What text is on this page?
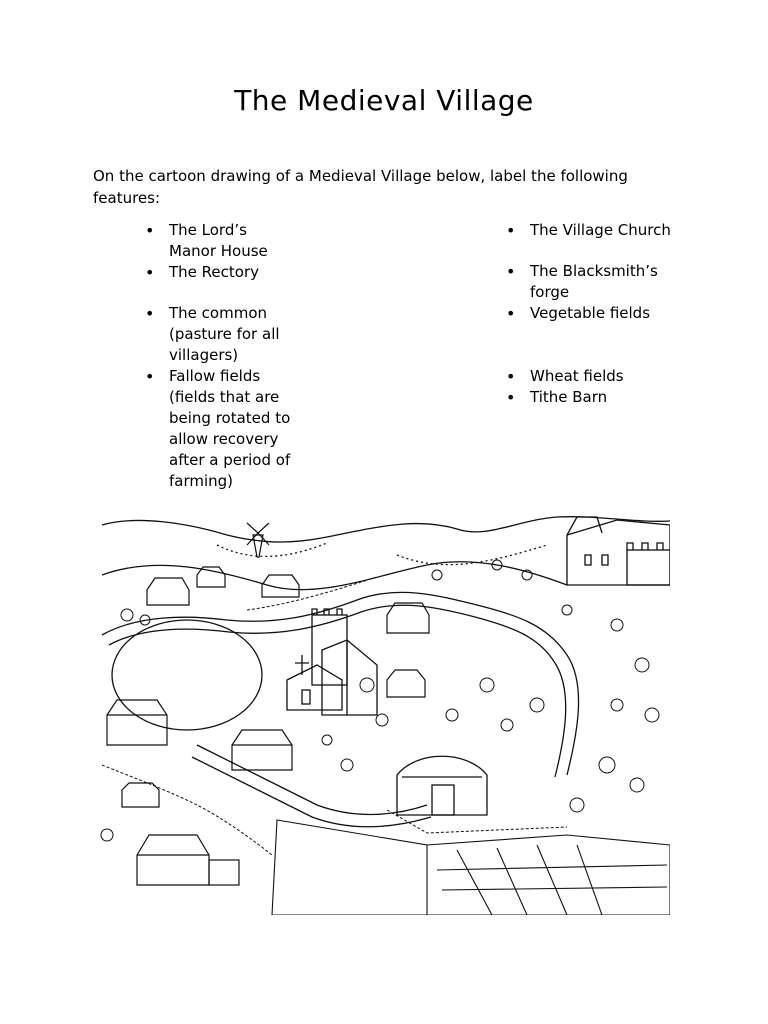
The Medieval Village
On the cartoon drawing of a Medieval Village below, label the following features:
• The Lord’s Manor House
• The Rectory
• The common (pasture for all villagers)
• Fallow fields (fields that are being rotated to allow recovery after a period of farming)
• The Village Church
• The Blacksmith’s forge
• Vegetable fields
• Wheat fields
• Tithe Barn
